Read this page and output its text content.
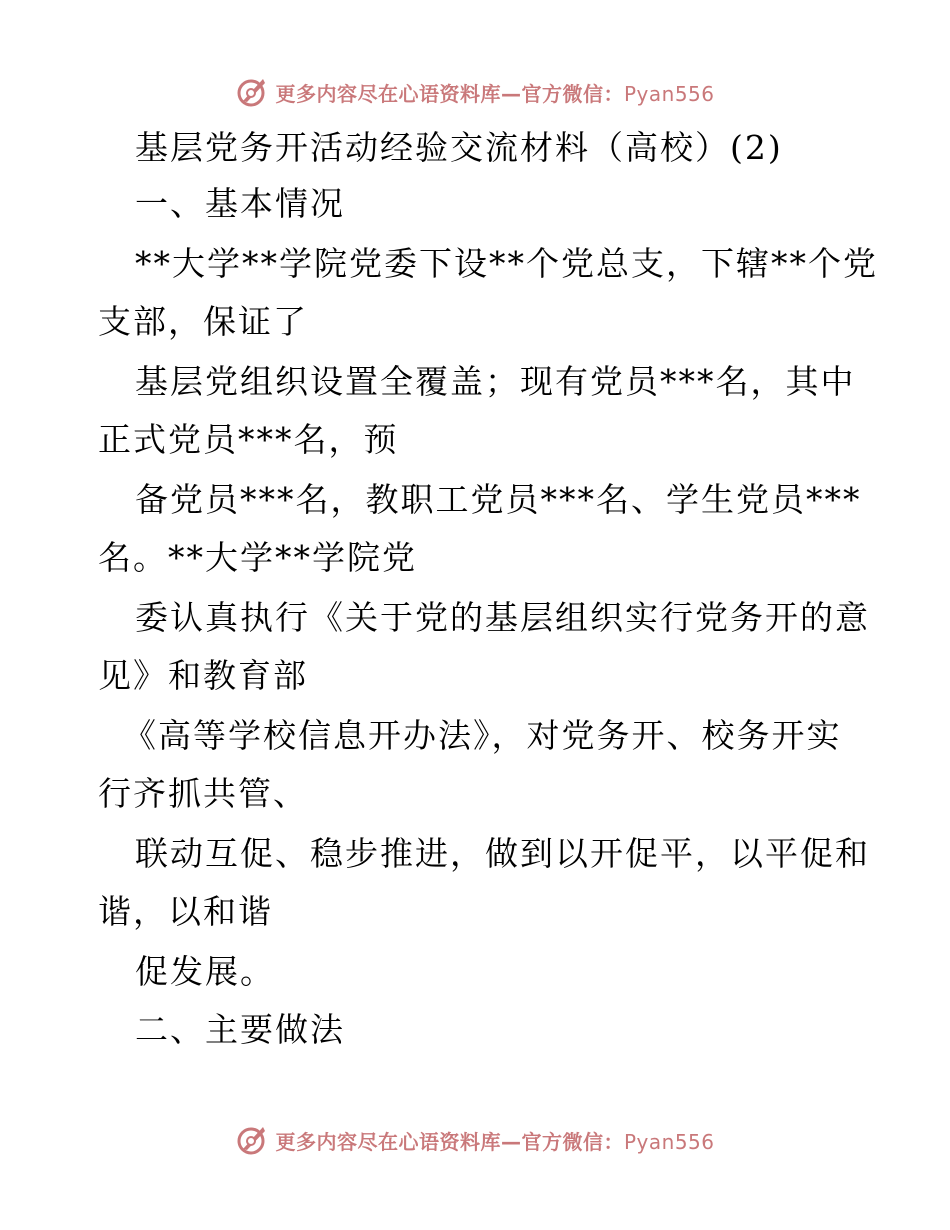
更多内容尽在心语资料库—官方微信：Pyan556
基层党务开活动经验交流材料（高校）(2)
一、基本情况
**大学**学院党委下设**个党总支，下辖**个党
支部，保证了
基层党组织设置全覆盖；现有党员***名，其中
正式党员***名，预
备党员***名，教职工党员***名、学生党员***
名。**大学**学院党
委认真执行《关于党的基层组织实行党务开的意
见》和教育部
《高等学校信息开办法》，对党务开、校务开实
行齐抓共管、
联动互促、稳步推进，做到以开促平，以平促和
谐，以和谐
促发展。
二、主要做法
更多内容尽在心语资料库—官方微信：Pyan556
